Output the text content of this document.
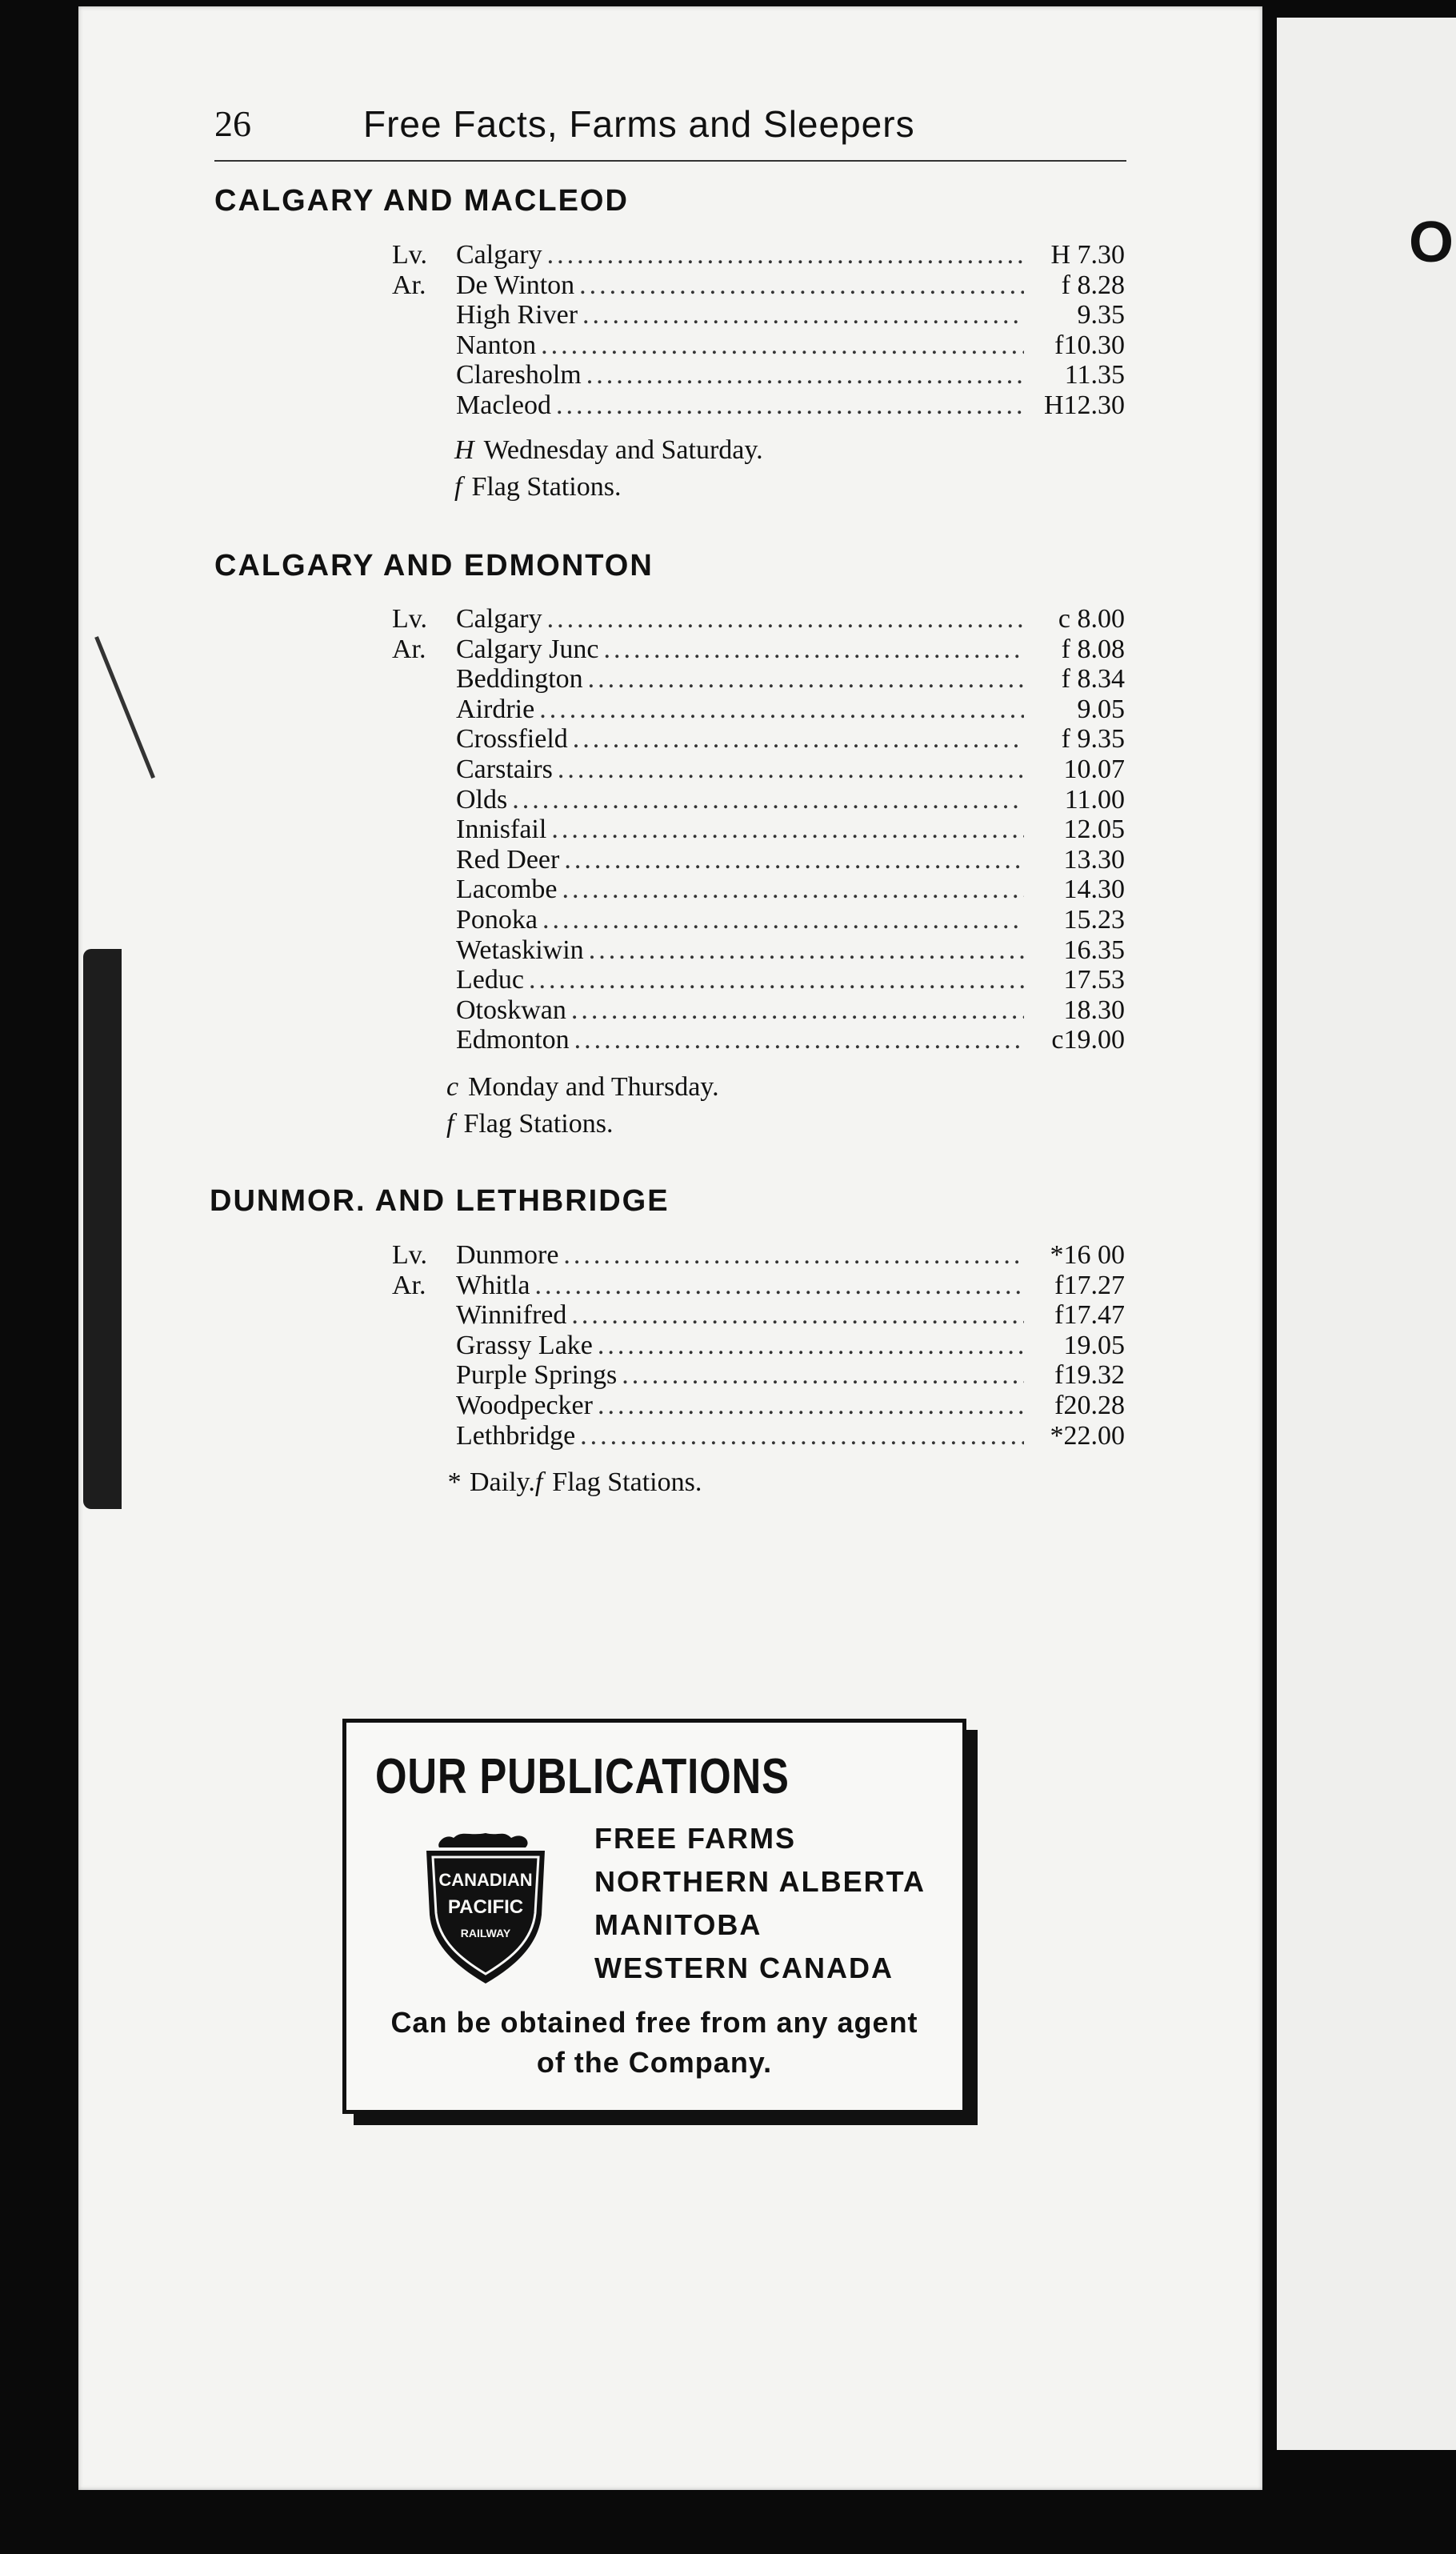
O
26	Free Facts, Farms and Sleepers
CALGARY AND MACLEOD
Lv.	Calgary .....	H 7.30
Ar.	De Winton .....	f 8.28
High River .....	9.35
Nanton .....	f10.30
Claresholm .....	11.35
Macleod .....	H12.30
H Wednesday and Saturday.
f Flag Stations.
CALGARY AND EDMONTON
Lv.	Calgary .....	c 8.00
Ar.	Calgary Junc .....	f 8.08
Beddington .....	f 8.34
Airdrie .....	9.05
Crossfield .....	f 9.35
Carstairs .....	10.07
Olds .....	11.00
Innisfail .....	12.05
Red Deer .....	13.30
Lacombe .....	14.30
Ponoka .....	15.23
Wetaskiwin .....	16.35
Leduc .....	17.53
Otoskwan .....	18.30
Edmonton .....	c19.00
c Monday and Thursday.
f Flag Stations.
DUNMOR. AND LETHBRIDGE
Lv.	Dunmore .....	*16 00
Ar.	Whitla .....	f17.27
Winnifred .....	f17.47
Grassy Lake .....	19.05
Purple Springs .....	f19.32
Woodpecker .....	f20.28
Lethbridge .....	*22.00
* Daily.f Flag Stations.
OUR PUBLICATIONS
CANADIAN
PACIFIC
RAILWAY
FREE FARMS
NORTHERN ALBERTA
MANITOBA
WESTERN CANADA
Can be obtained free from any agent
of the Company.
